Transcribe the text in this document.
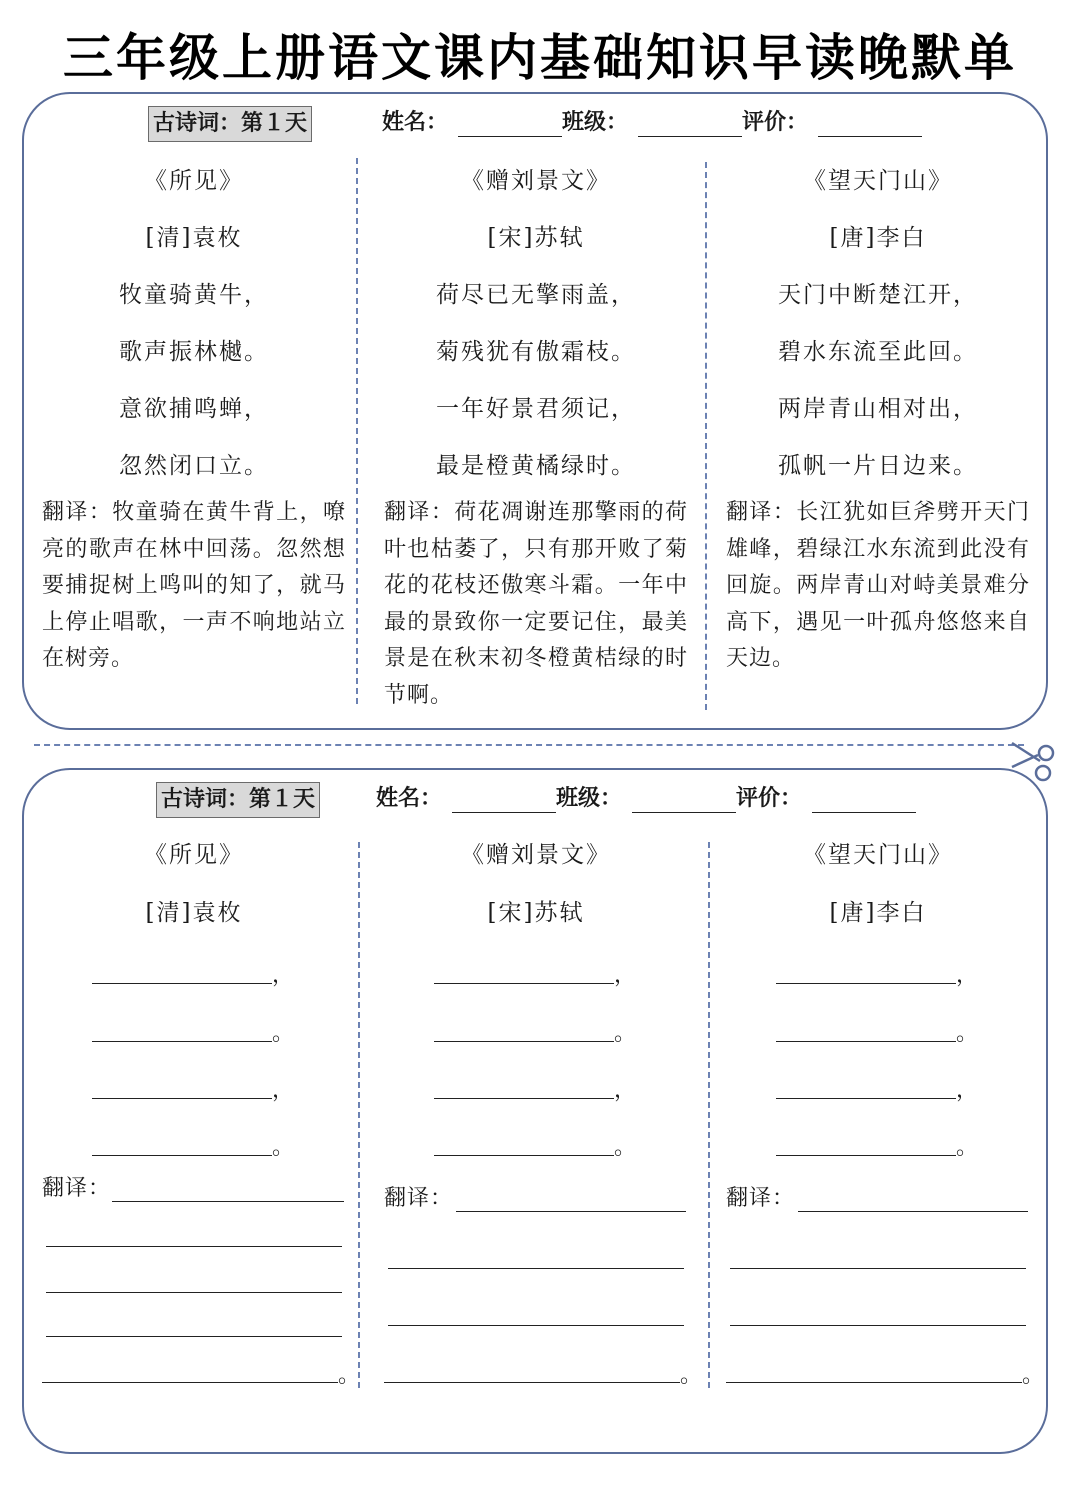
三年级上册语文课内基础知识早读晚默单
古诗词：第１天	姓名：	班级：	评价：
《所见》
[清]袁枚
牧童骑黄牛，
歌声振林樾。
意欲捕鸣蝉，
忽然闭口立。
翻译：牧童骑在黄牛背上，嘹亮的歌声在林中回荡。忽然想要捕捉树上鸣叫的知了，就马上停止唱歌，一声不响地站立在树旁。
《赠刘景文》
[宋]苏轼
荷尽已无擎雨盖，
菊残犹有傲霜枝。
一年好景君须记，
最是橙黄橘绿时。
翻译：荷花凋谢连那擎雨的荷叶也枯萎了，只有那开败了菊花的花枝还傲寒斗霜。一年中最的景致你一定要记住，最美景是在秋末初冬橙黄桔绿的时节啊。
《望天门山》
[唐]李白
天门中断楚江开，
碧水东流至此回。
两岸青山相对出，
孤帆一片日边来。
翻译：长江犹如巨斧劈开天门雄峰，碧绿江水东流到此没有回旋。两岸青山对峙美景难分高下，遇见一叶孤舟悠悠来自天边。
古诗词：第１天	姓名：	班级：	评价：
《所见》
[清]袁枚
，
。
，
。
翻译：
。
《赠刘景文》
[宋]苏轼
，
。
，
。
翻译：
。
《望天门山》
[唐]李白
，
。
，
。
翻译：
。
